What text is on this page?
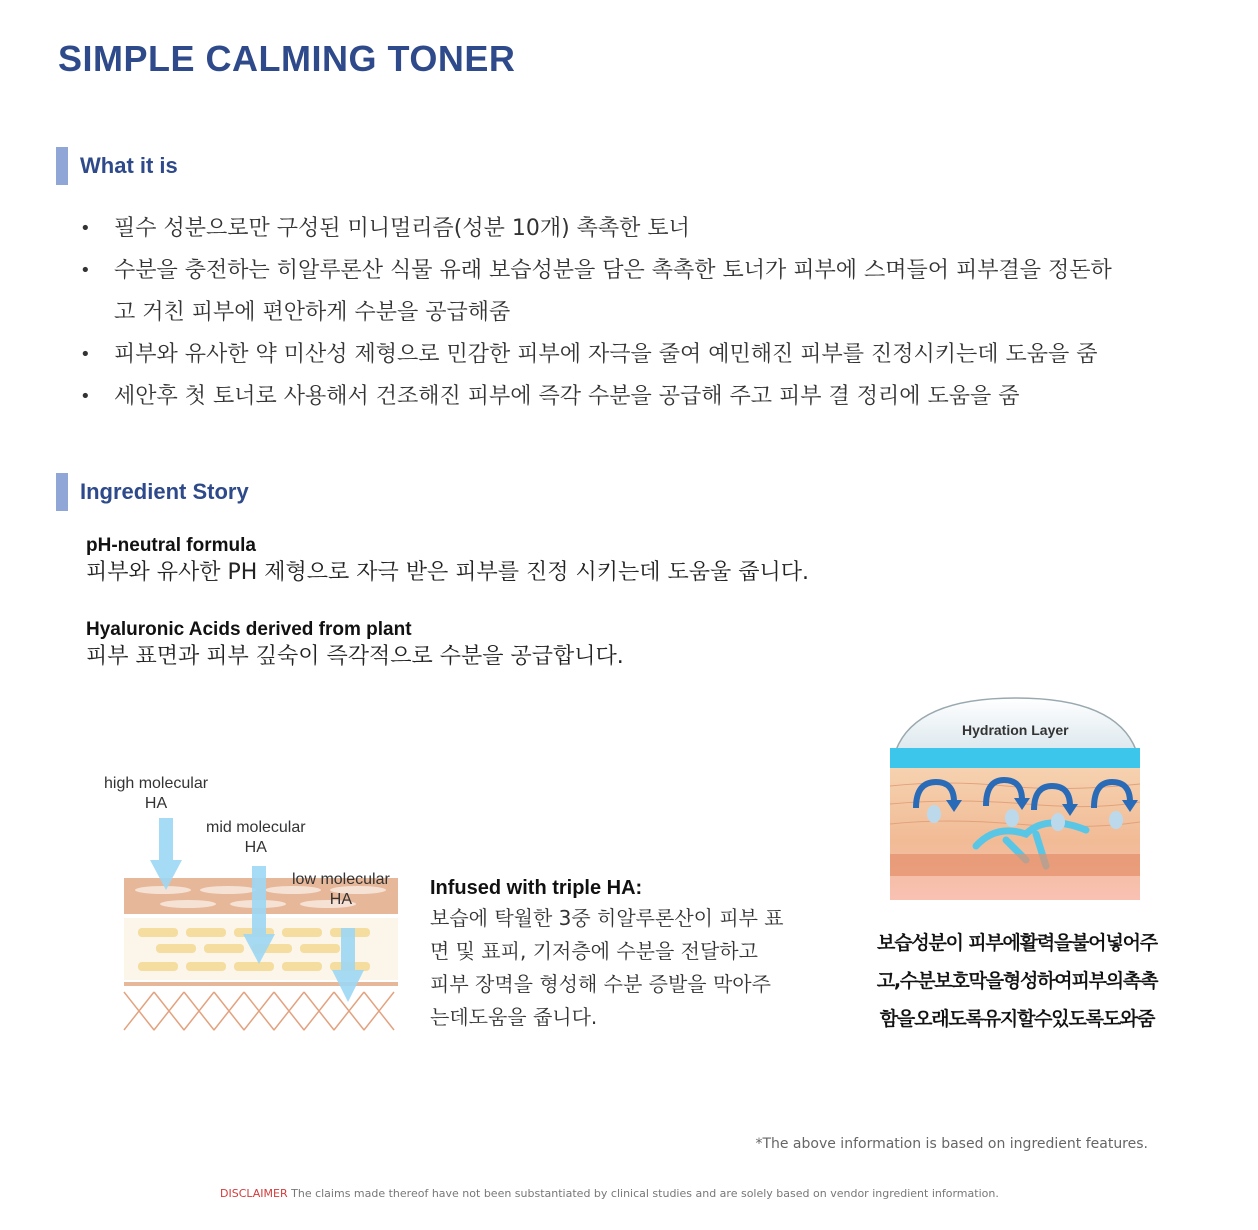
SIMPLE CALMING TONER
What it is
• 필수 성분으로만 구성된 미니멀리즘(성분 10개) 촉촉한 토너
• 수분을 충전하는 히알루론산 식물 유래 보습성분을 담은 촉촉한 토너가 피부에 스며들어 피부결을 정돈하
고 거친 피부에 편안하게 수분을 공급해줌
• 피부와 유사한 약 미산성 제형으로 민감한 피부에 자극을 줄여 예민해진 피부를 진정시키는데 도움을 줌
• 세안후 첫 토너로 사용해서 건조해진 피부에 즉각 수분을 공급해 주고 피부 결 정리에 도움을 줌
Ingredient Story
pH-neutral formula
피부와 유사한 PH 제형으로 자극 받은 피부를 진정 시키는데 도움울 줍니다.
Hyaluronic Acids derived from plant
피부 표면과 피부 깊숙이 즉각적으로 수분을 공급합니다.
high molecular
HA
mid molecular
HA
low molecular
HA
Infused with triple HA:
보습에 탁월한 3중 히알루론산이 피부 표
면 및 표피, 기저층에 수분을 전달하고
피부 장멱을 형성해 수분 증발을 막아주
는데도움을 줍니다.
Hydration Layer
보습성분이 피부에활력을불어넣어주
고,수분보호막을형성하여피부의촉촉
함을오래도록유지할수있도록도와줌
*The above information is based on ingredient features.
DISCLAIMER The claims made thereof have not been substantiated by clinical studies and are solely based on vendor ingredient information.
